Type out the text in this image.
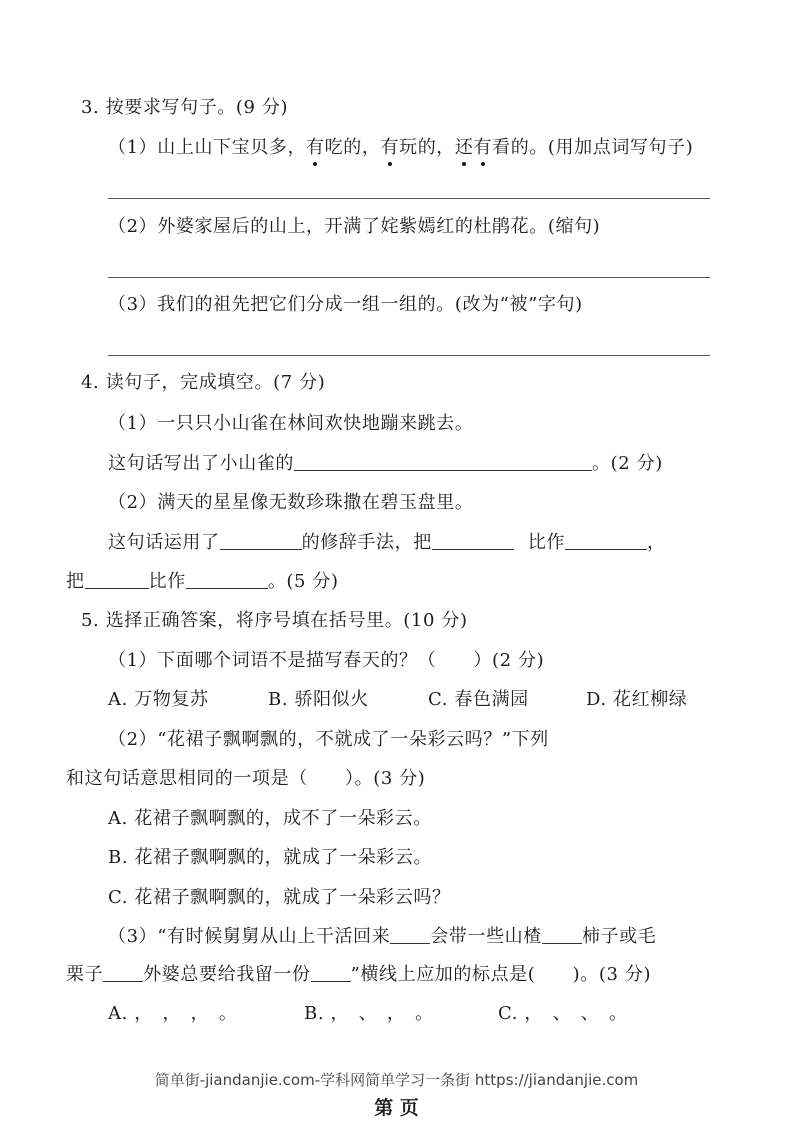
3. 按要求写句子。(9 分)
（1）山上山下宝贝多，有吃的，有玩的，还有看的。(用加点词写句子)
（2）外婆家屋后的山上，开满了姹紫嫣红的杜鹃花。(缩句)
（3）我们的祖先把它们分成一组一组的。(改为“被”字句)
4. 读句子，完成填空。(7 分)
（1）一只只小山雀在林间欢快地蹦来跳去。
这句话写出了小山雀的	。(2 分)
（2）满天的星星像无数珍珠撒在碧玉盘里。
这句话运用了	的修辞手法，把	比作	，
把	比作	。(5 分)
5. 选择正确答案，将序号填在括号里。(10 分)
（1）下面哪个词语不是描写春天的？（　　）(2 分)
A. 万物复苏	B. 骄阳似火	C. 春色满园	D. 花红柳绿
（2）“花裙子飘啊飘的，不就成了一朵彩云吗？”下列
和这句话意思相同的一项是（　　）。(3 分)
A. 花裙子飘啊飘的，成不了一朵彩云。
B. 花裙子飘啊飘的，就成了一朵彩云。
C. 花裙子飘啊飘的，就成了一朵彩云吗？
（3）“有时候舅舅从山上干活回来 会带一些山楂 柿子或毛
栗子 外婆总要给我留一份 ”横线上应加的标点是(　　)。(3 分)
A. ，　，　，　。	B. ，　、　，　。	C. ，　、　、　。
简单街-jiandanjie.com-学科网简单学习一条街 https://jiandanjie.com
第 页
